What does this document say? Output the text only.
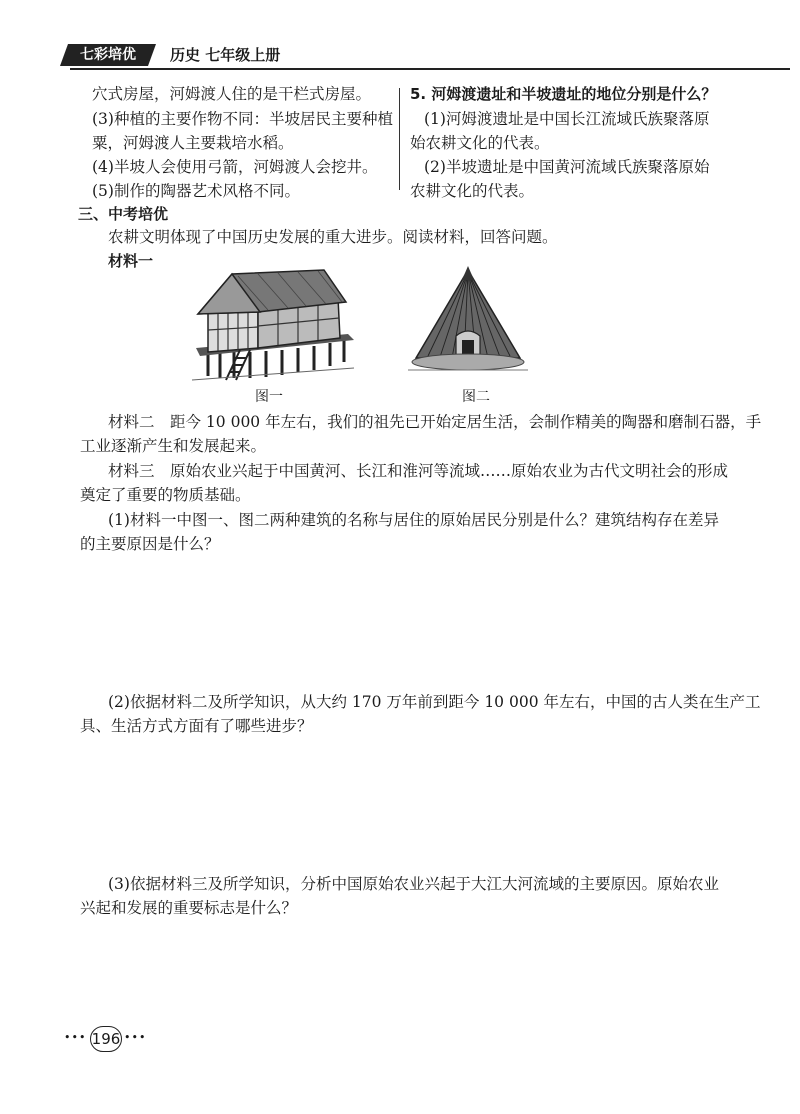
七彩培优	历史 七年级上册
穴式房屋，河姆渡人住的是干栏式房屋。
(3)种植的主要作物不同：半坡居民主要种植
粟，河姆渡人主要栽培水稻。
(4)半坡人会使用弓箭，河姆渡人会挖井。
(5)制作的陶器艺术风格不同。
5. 河姆渡遗址和半坡遗址的地位分别是什么？
(1)河姆渡遗址是中国长江流域氏族聚落原
始农耕文化的代表。
(2)半坡遗址是中国黄河流域氏族聚落原始
农耕文化的代表。
三、中考培优
农耕文明体现了中国历史发展的重大进步。阅读材料，回答问题。
材料一
图一	图二
材料二　距今 10 000 年左右，我们的祖先已开始定居生活，会制作精美的陶器和磨制石器，手
工业逐渐产生和发展起来。
材料三　原始农业兴起于中国黄河、长江和淮河等流域……原始农业为古代文明社会的形成
奠定了重要的物质基础。
(1)材料一中图一、图二两种建筑的名称与居住的原始居民分别是什么？建筑结构存在差异
的主要原因是什么？
(2)依据材料二及所学知识，从大约 170 万年前到距今 10 000 年左右，中国的古人类在生产工
具、生活方式方面有了哪些进步？
(3)依据材料三及所学知识，分析中国原始农业兴起于大江大河流域的主要原因。原始农业
兴起和发展的重要标志是什么？
••• 196 •••
